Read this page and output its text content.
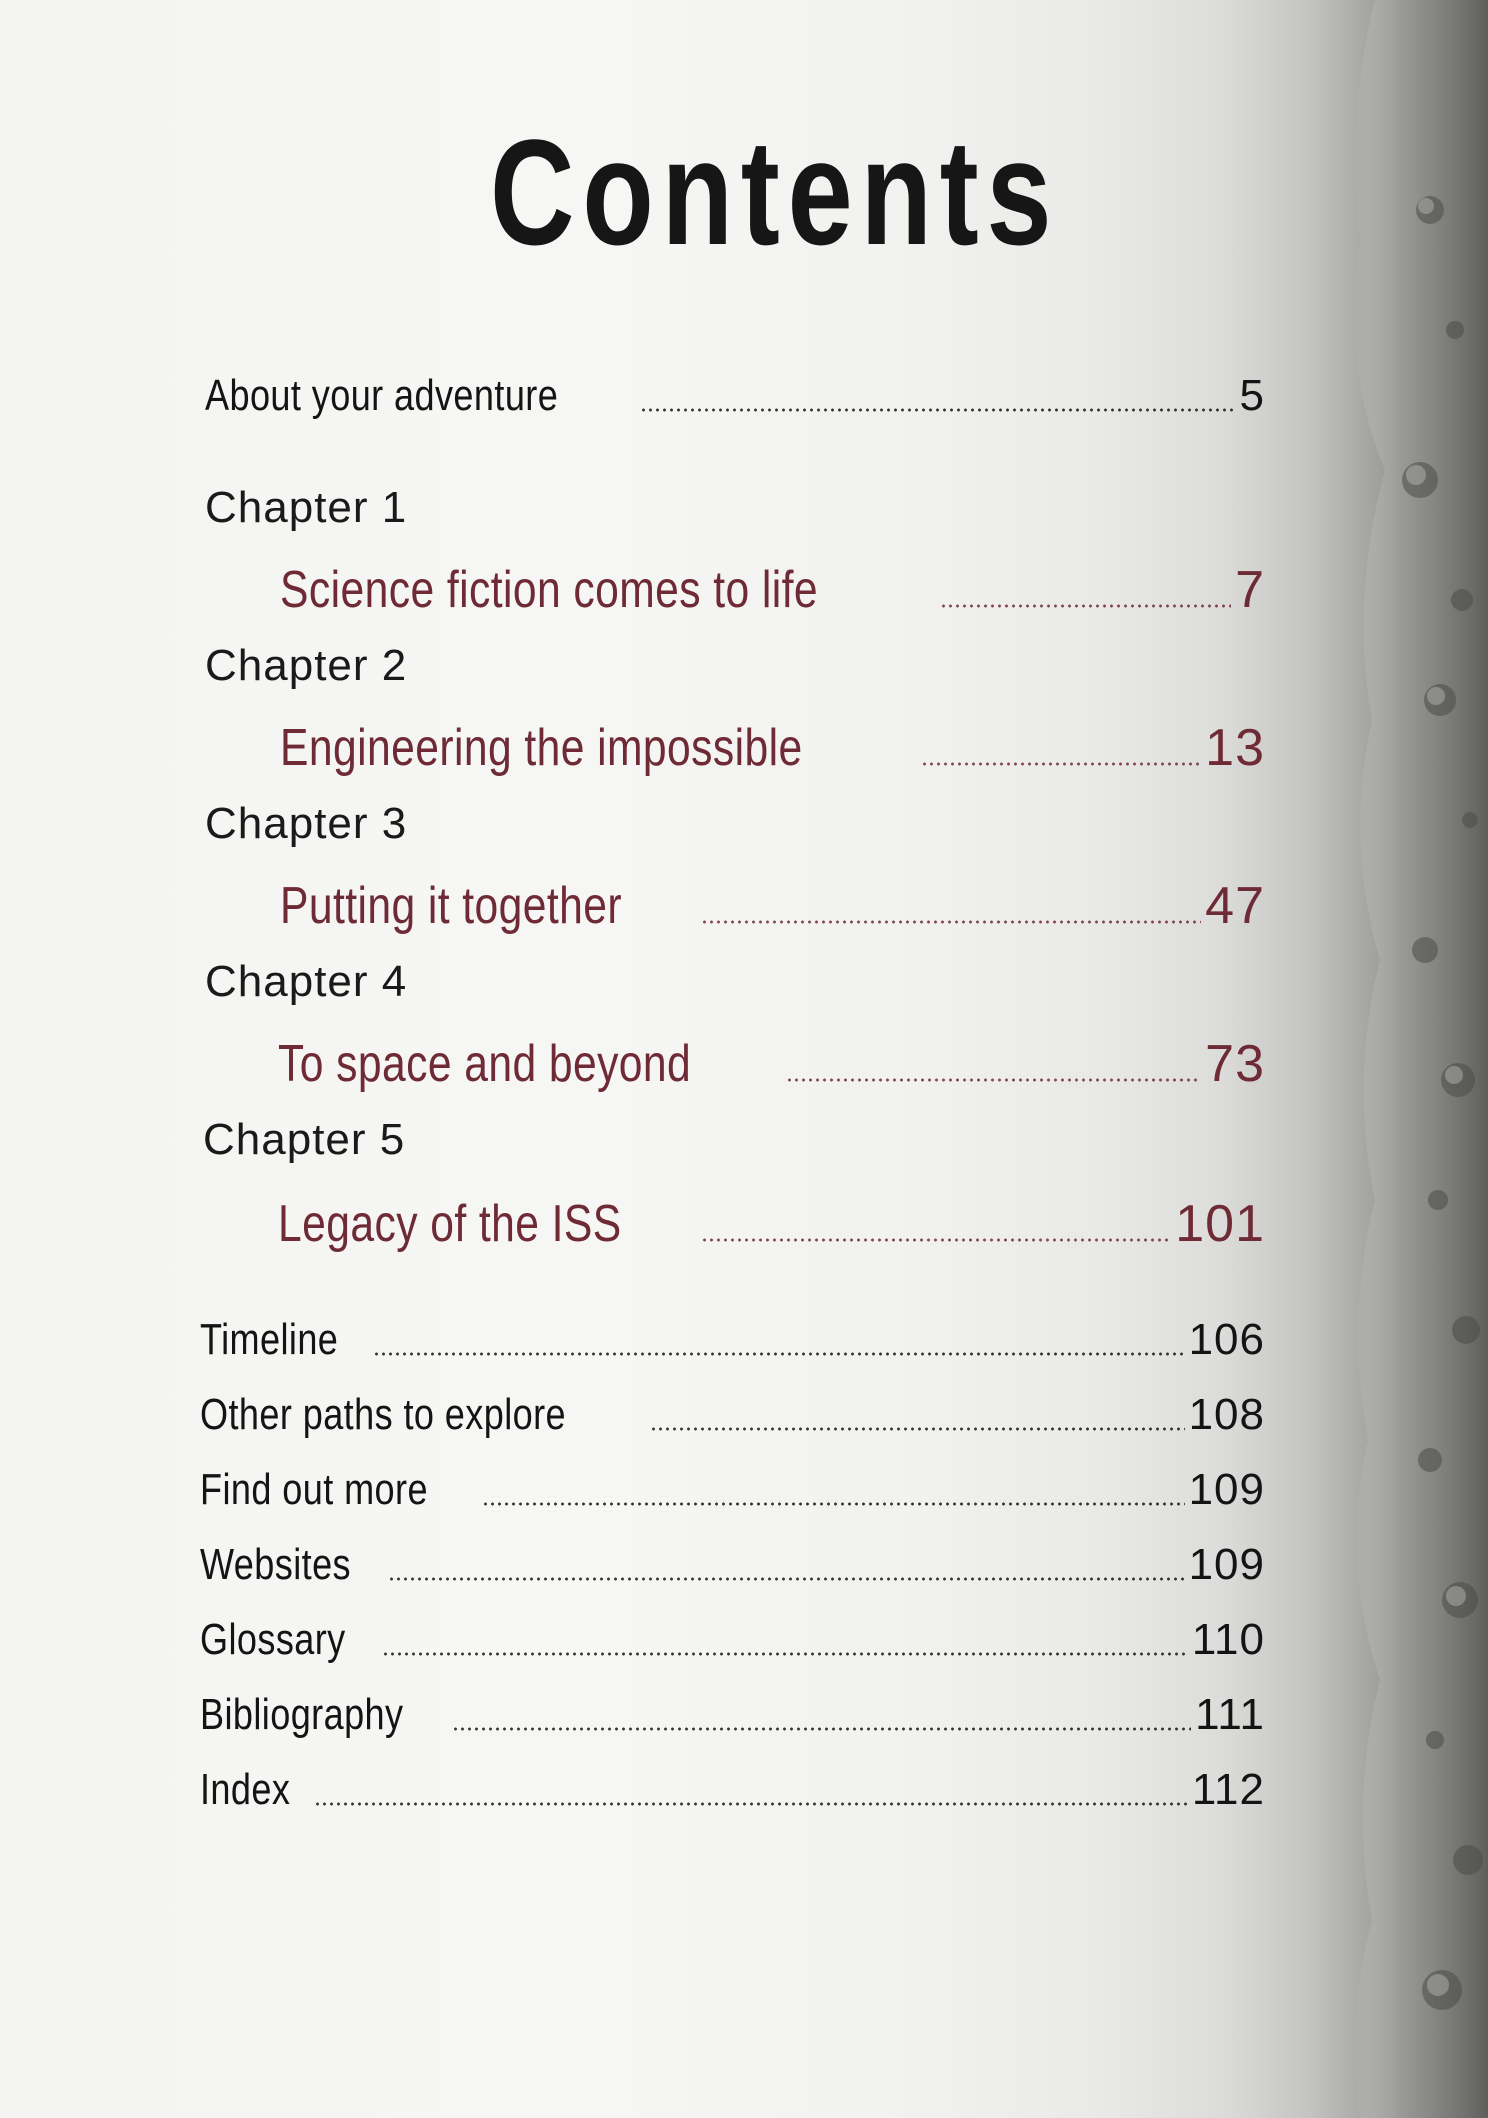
Contents
About your adventure	5
Chapter 1
Science fiction comes to life	7
Chapter 2
Engineering the impossible	13
Chapter 3
Putting it together	47
Chapter 4
To space and beyond	73
Chapter 5
Legacy of the ISS	101
Timeline	106
Other paths to explore	108
Find out more	109
Websites	109
Glossary	110
Bibliography	111
Index	112
